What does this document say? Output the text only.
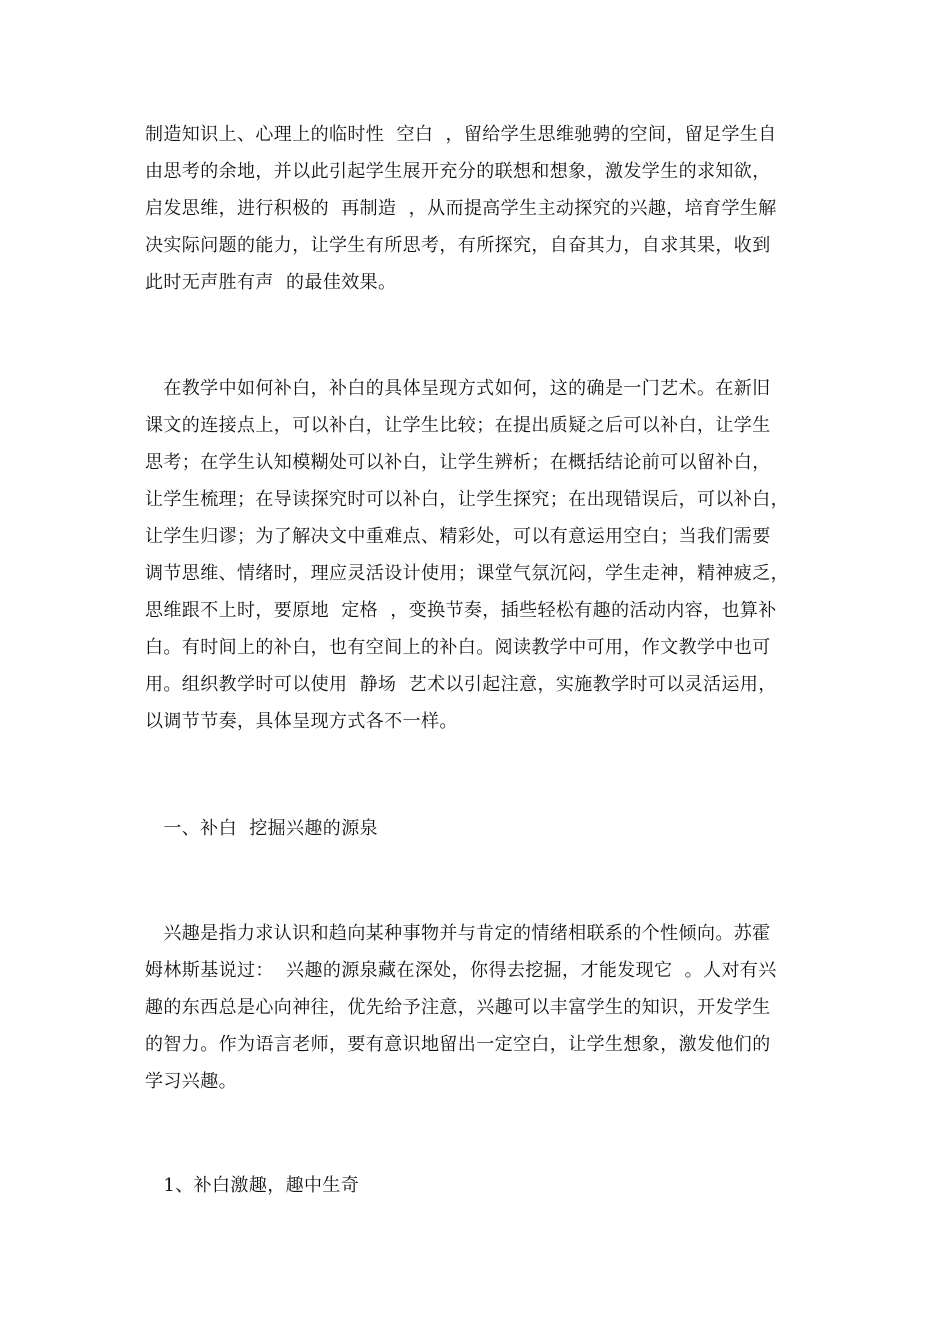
制造知识上、心理上的临时性  空白  ，留给学生思维驰骋的空间，留足学生自
由思考的余地，并以此引起学生展开充分的联想和想象，激发学生的求知欲，
启发思维，进行积极的  再制造  ，从而提高学生主动探究的兴趣，培育学生解
决实际问题的能力，让学生有所思考，有所探究，自奋其力，自求其果，收到
此时无声胜有声  的最佳效果。
在教学中如何补白，补白的具体呈现方式如何，这的确是一门艺术。在新旧
课文的连接点上，可以补白，让学生比较；在提出质疑之后可以补白，让学生
思考；在学生认知模糊处可以补白，让学生辨析；在概括结论前可以留补白，
让学生梳理；在导读探究时可以补白，让学生探究；在出现错误后，可以补白，
让学生归谬；为了解决文中重难点、精彩处，可以有意运用空白；当我们需要
调节思维、情绪时，理应灵活设计使用；课堂气氛沉闷，学生走神，精神疲乏，
思维跟不上时，要原地  定格  ，变换节奏，插些轻松有趣的活动内容，也算补
白。有时间上的补白，也有空间上的补白。阅读教学中可用，作文教学中也可
用。组织教学时可以使用  静场  艺术以引起注意，实施教学时可以灵活运用，
以调节节奏，具体呈现方式各不一样。
一、补白  挖掘兴趣的源泉
兴趣是指力求认识和趋向某种事物并与肯定的情绪相联系的个性倾向。苏霍
姆林斯基说过：  兴趣的源泉藏在深处，你得去挖掘，才能发现它  。人对有兴
趣的东西总是心向神往，优先给予注意，兴趣可以丰富学生的知识，开发学生
的智力。作为语言老师，要有意识地留出一定空白，让学生想象，激发他们的
学习兴趣。
1、补白激趣，趣中生奇
